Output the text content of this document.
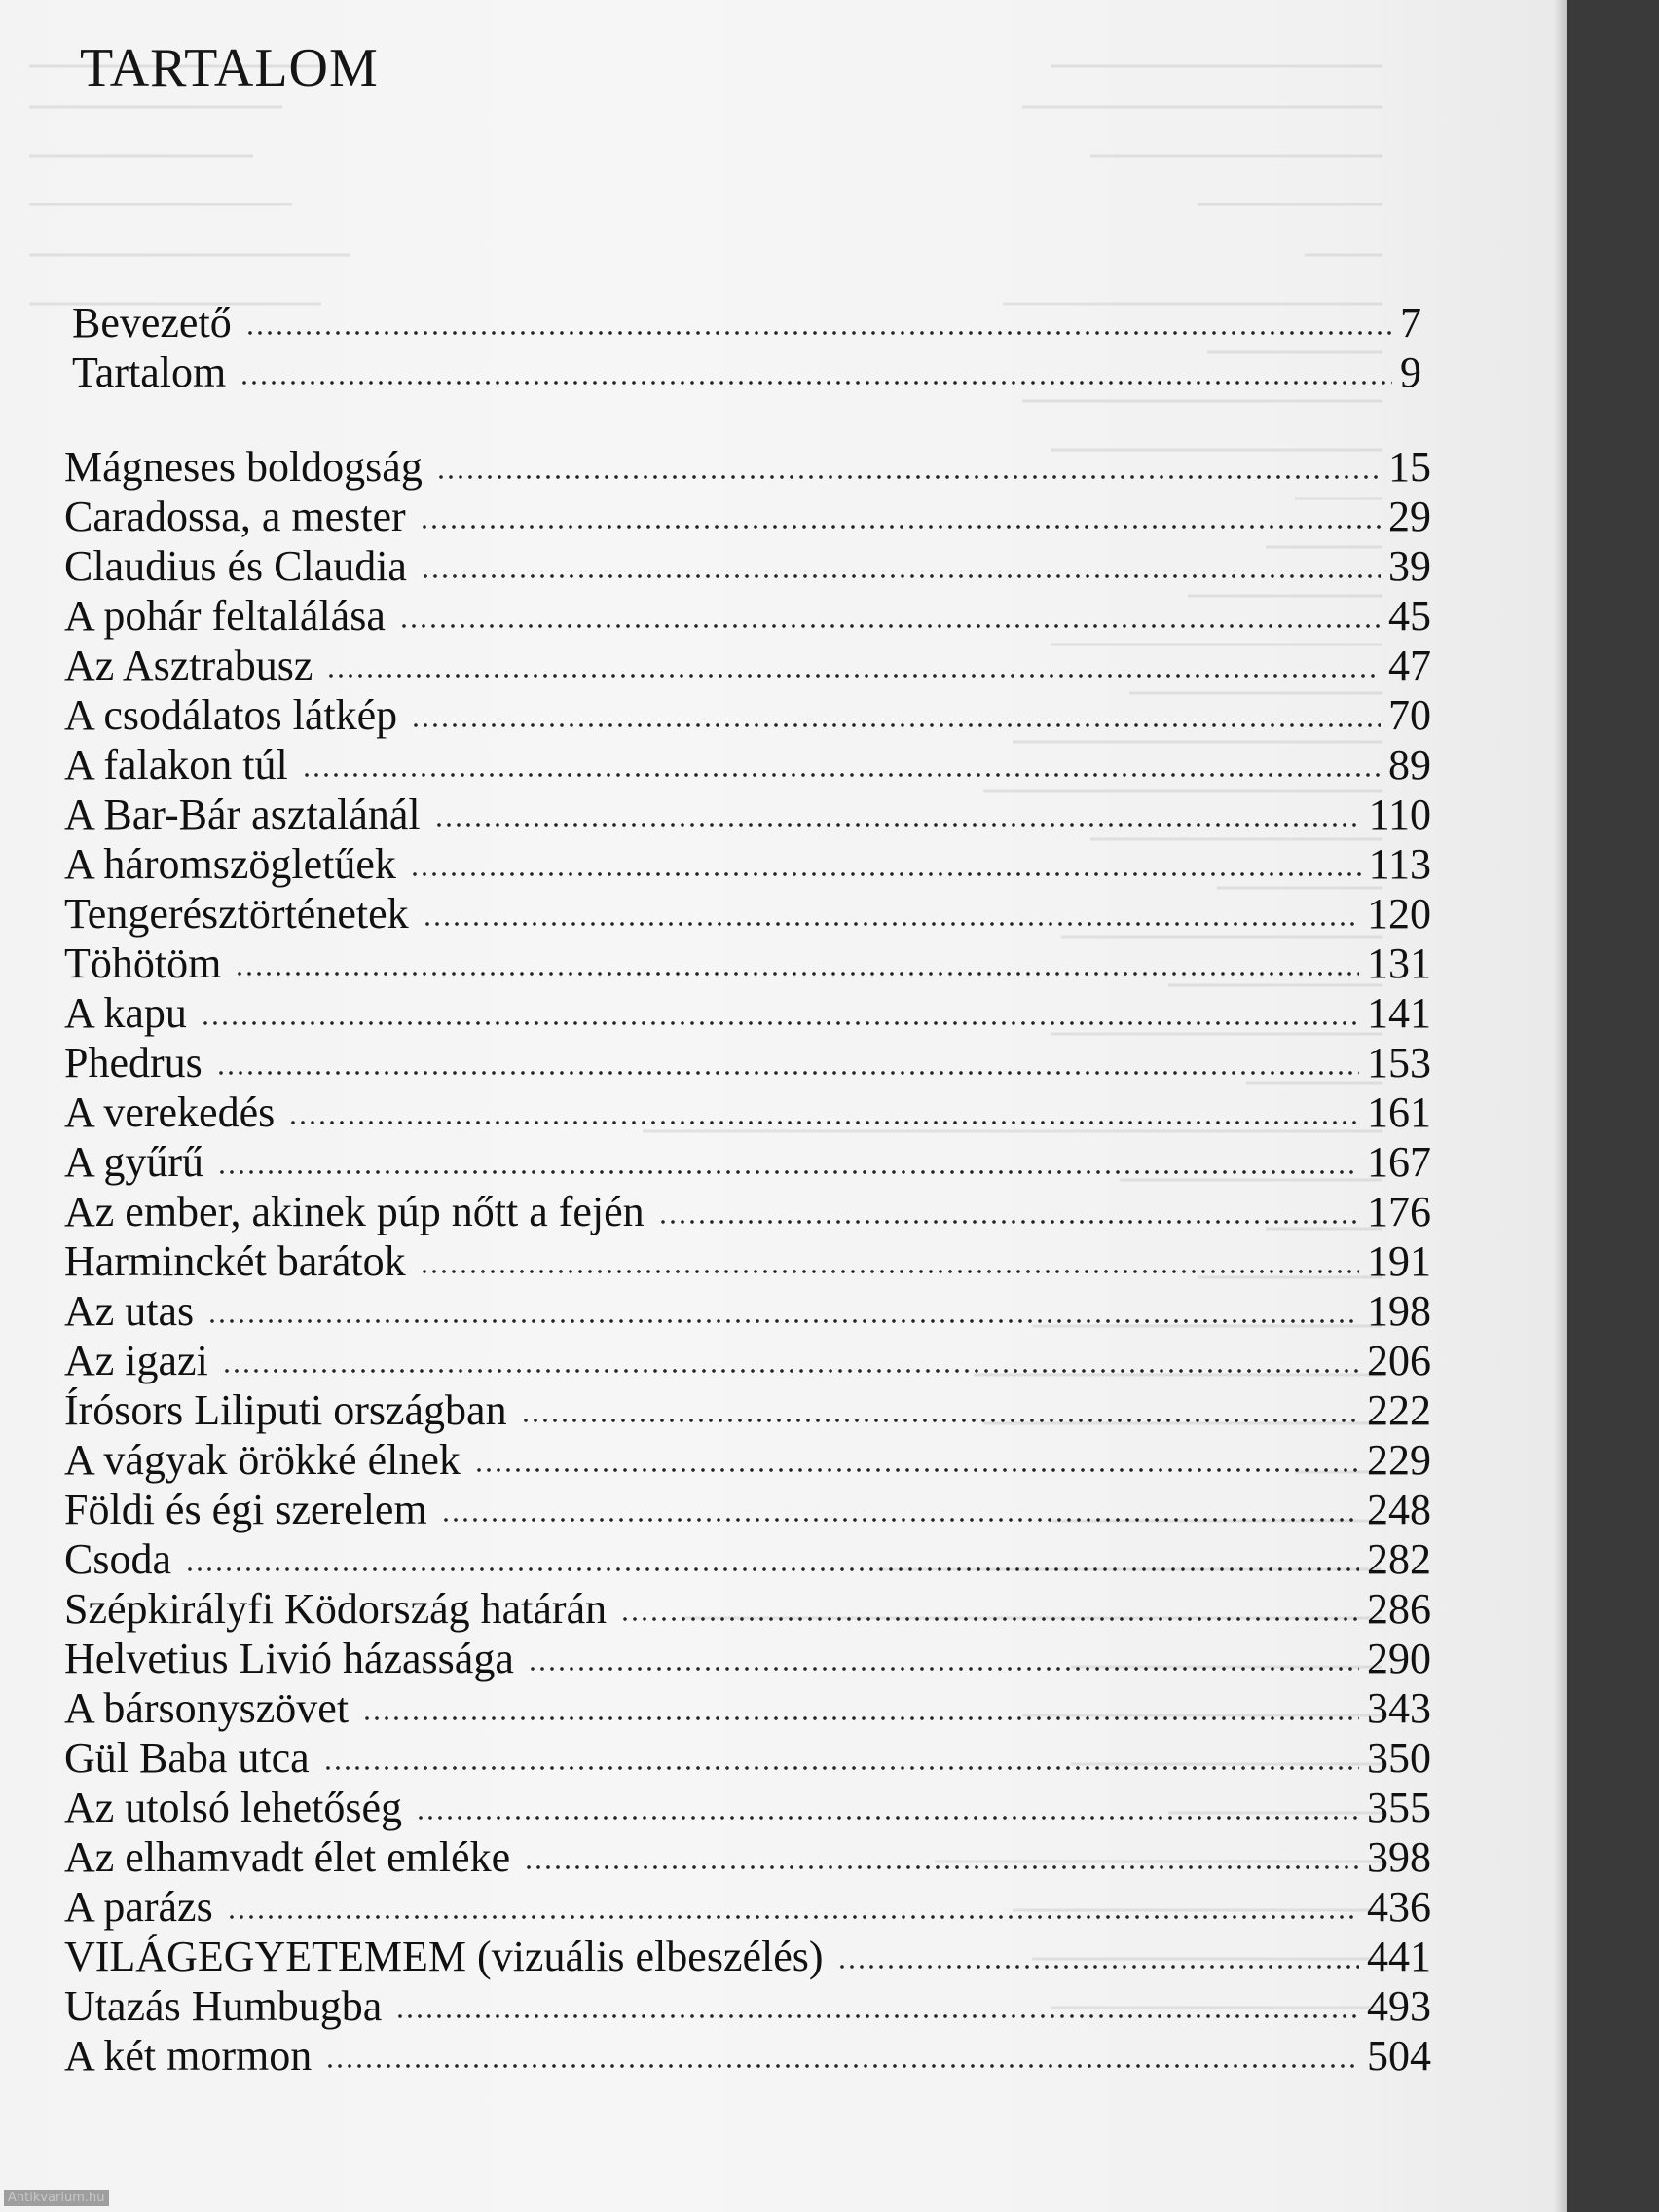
TARTALOM
Bevezető	7
Tartalom	9
Mágneses boldogság	15
Caradossa, a mester	29
Claudius és Claudia	39
A pohár feltalálása	45
Az Asztrabusz	47
A csodálatos látkép	70
A falakon túl	89
A Bar-Bár asztalánál	110
A háromszögletűek	113
Tengerésztörténetek	120
Töhötöm	131
A kapu	141
Phedrus	153
A verekedés	161
A gyűrű	167
Az ember, akinek púp nőtt a fején	176
Harminckét barátok	191
Az utas	198
Az igazi	206
Írósors Liliputi országban	222
A vágyak örökké élnek	229
Földi és égi szerelem	248
Csoda	282
Szépkirályfi Ködország határán	286
Helvetius Livió házassága	290
A bársonyszövet	343
Gül Baba utca	350
Az utolsó lehetőség	355
Az elhamvadt élet emléke	398
A parázs	436
VILÁGEGYETEMEM (vizuális elbeszélés)	441
Utazás Humbugba	493
A két mormon	504
Antikvarium.hu
